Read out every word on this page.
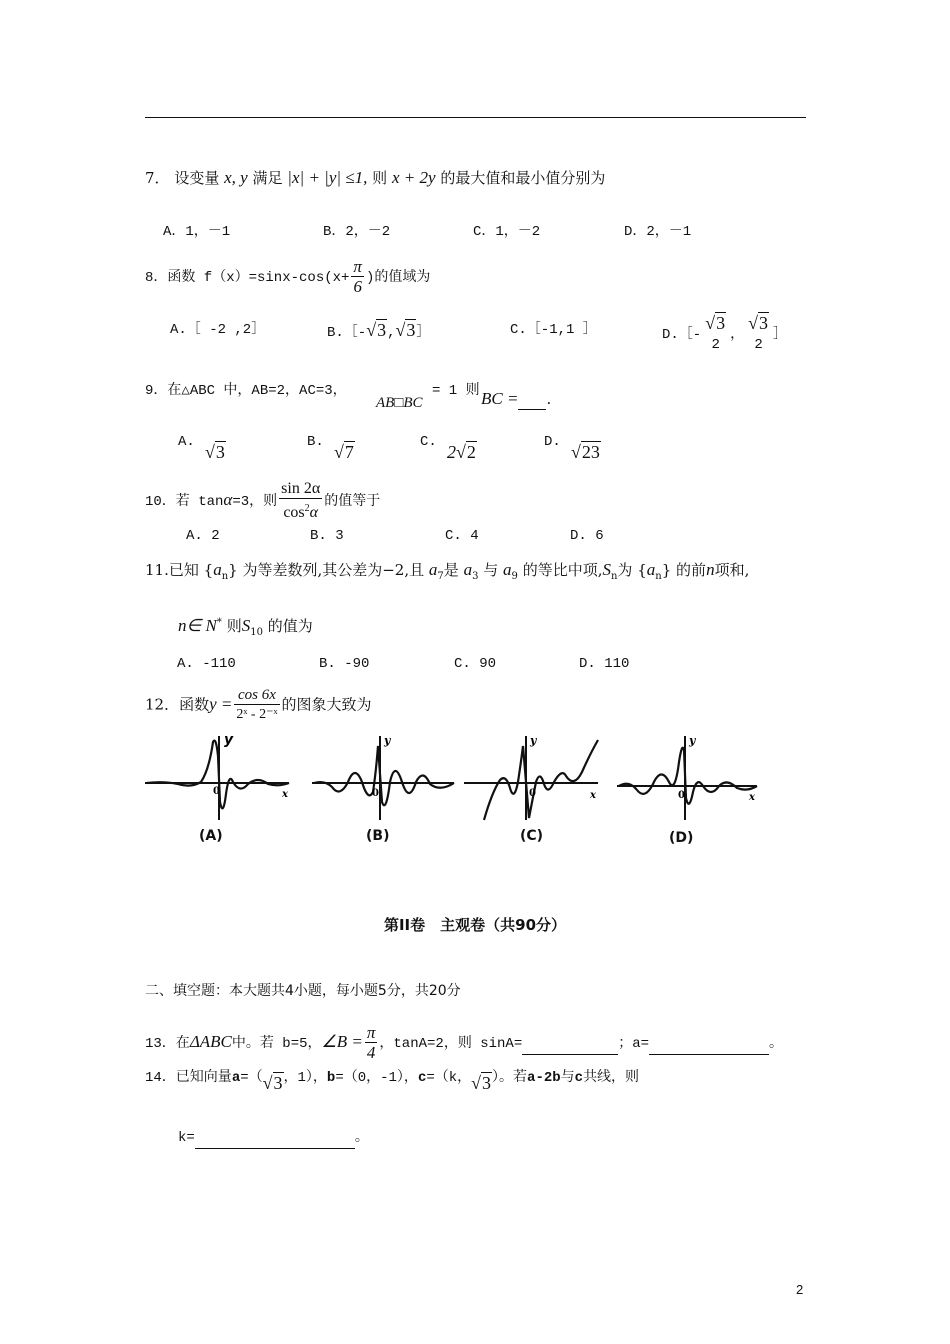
7． 设变量 x, y 满足 |x| + |y| ≤1, 则 x + 2y 的最大值和最小值分别为
A．1，－1	B．2，－2	C．1，－2	D．2，－1
8．函数 $f(x)=\sin x-\cos(x+ \frac{\pi}{6}$ )的值域为
A.［ -2 ,2］	B.［-√3,√3］	C.［-1,1 ］	D.［-
√3
2
，
√3
2
］
9．在△ABC 中，AB=2，AC=3，
AB□BC
= 1 则 BC = .
A. √3	B. √7	C. 2√2	D. √23
10．若 tanα=3，则 $\frac{\sin 2\alpha}{\cos^2\alpha}$ 的值等于
A. 2	B. 3	C. 4	D. 6
11.已知 $\{a_n\}$ 为等差数列,其公差为−2,且 $a_7$是 $a_3$ 与 $a_9$ 的等比中项$,S_n$为 $\{a_n\}$ 的前n项和,
n∈ N* 则$S_{10}$ 的值为
A. -110	B. -90	C. 90	D. 110
12．函数$y = \frac{\cos 6x}{\text{2ˣ - 2⁻ˣ}}$ 的图象大致为
y
x
0
(A)
y
0
(B)
y
x
0
(C)
y
x
0
(D)
第II卷　主观卷（共90分）
二、填空题：本大题共4小题，每小题5分，共20分
13．在ΔABC中。若 b=5，∠B = $\frac{\pi}{4}$ ，tanA=2，则 sinA=	；a=	。
14．已知向量a=（√3，1），b=（0，-1），c=（k，√3）。若a-2b与c共线，则
k=	。
2
